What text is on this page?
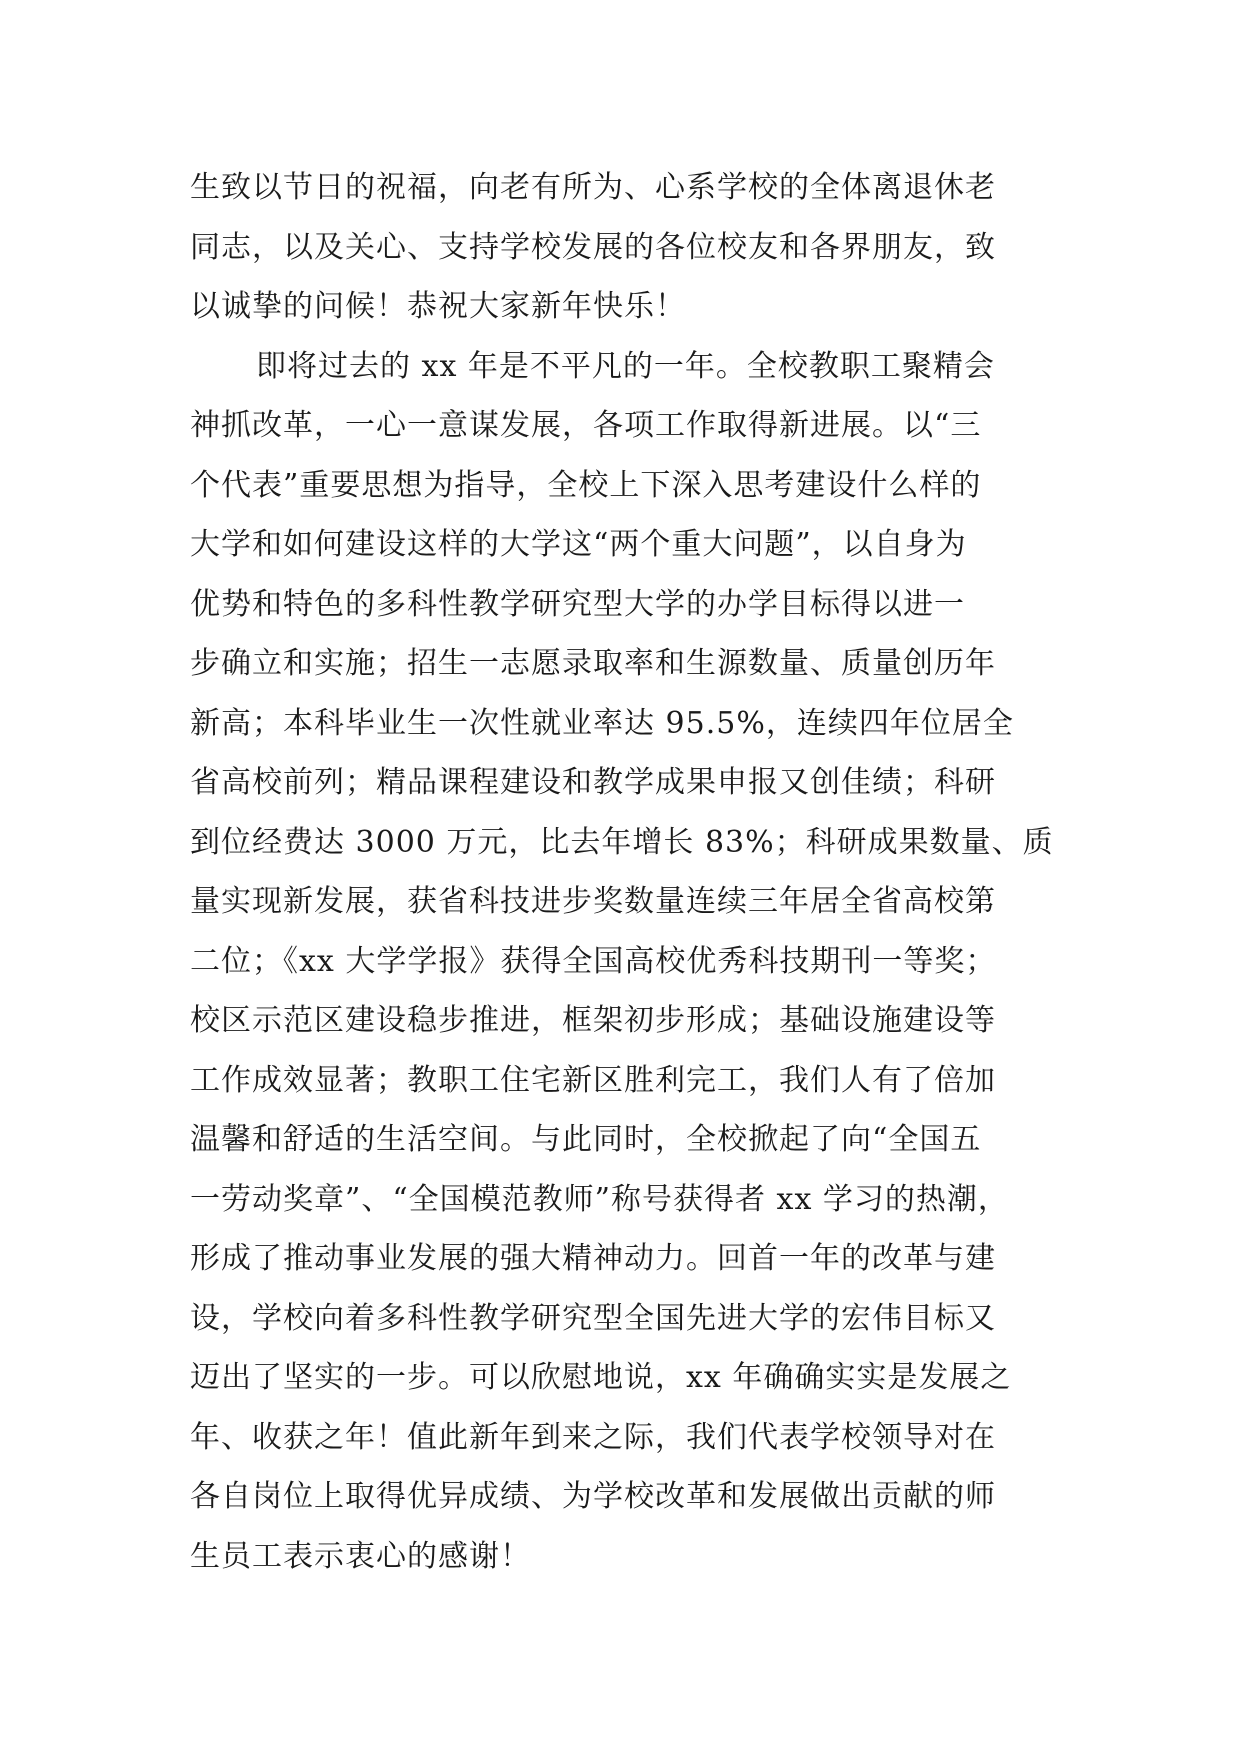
生致以节日的祝福，向老有所为、心系学校的全体离退休老
同志，以及关心、支持学校发展的各位校友和各界朋友，致
以诚挚的问候！恭祝大家新年快乐！
即将过去的 xx 年是不平凡的一年。全校教职工聚精会
神抓改革，一心一意谋发展，各项工作取得新进展。以“三
个代表”重要思想为指导，全校上下深入思考建设什么样的
大学和如何建设这样的大学这“两个重大问题”，以自身为
优势和特色的多科性教学研究型大学的办学目标得以进一
步确立和实施；招生一志愿录取率和生源数量、质量创历年
新高；本科毕业生一次性就业率达 95.5%，连续四年位居全
省高校前列；精品课程建设和教学成果申报又创佳绩；科研
到位经费达 3000 万元，比去年增长 83%；科研成果数量、质
量实现新发展，获省科技进步奖数量连续三年居全省高校第
二位；《xx 大学学报》获得全国高校优秀科技期刊一等奖；
校区示范区建设稳步推进，框架初步形成；基础设施建设等
工作成效显著；教职工住宅新区胜利完工，我们人有了倍加
温馨和舒适的生活空间。与此同时，全校掀起了向“全国五
一劳动奖章”、“全国模范教师”称号获得者 xx 学习的热潮，
形成了推动事业发展的强大精神动力。回首一年的改革与建
设，学校向着多科性教学研究型全国先进大学的宏伟目标又
迈出了坚实的一步。可以欣慰地说，xx 年确确实实是发展之
年、收获之年！值此新年到来之际，我们代表学校领导对在
各自岗位上取得优异成绩、为学校改革和发展做出贡献的师
生员工表示衷心的感谢！
